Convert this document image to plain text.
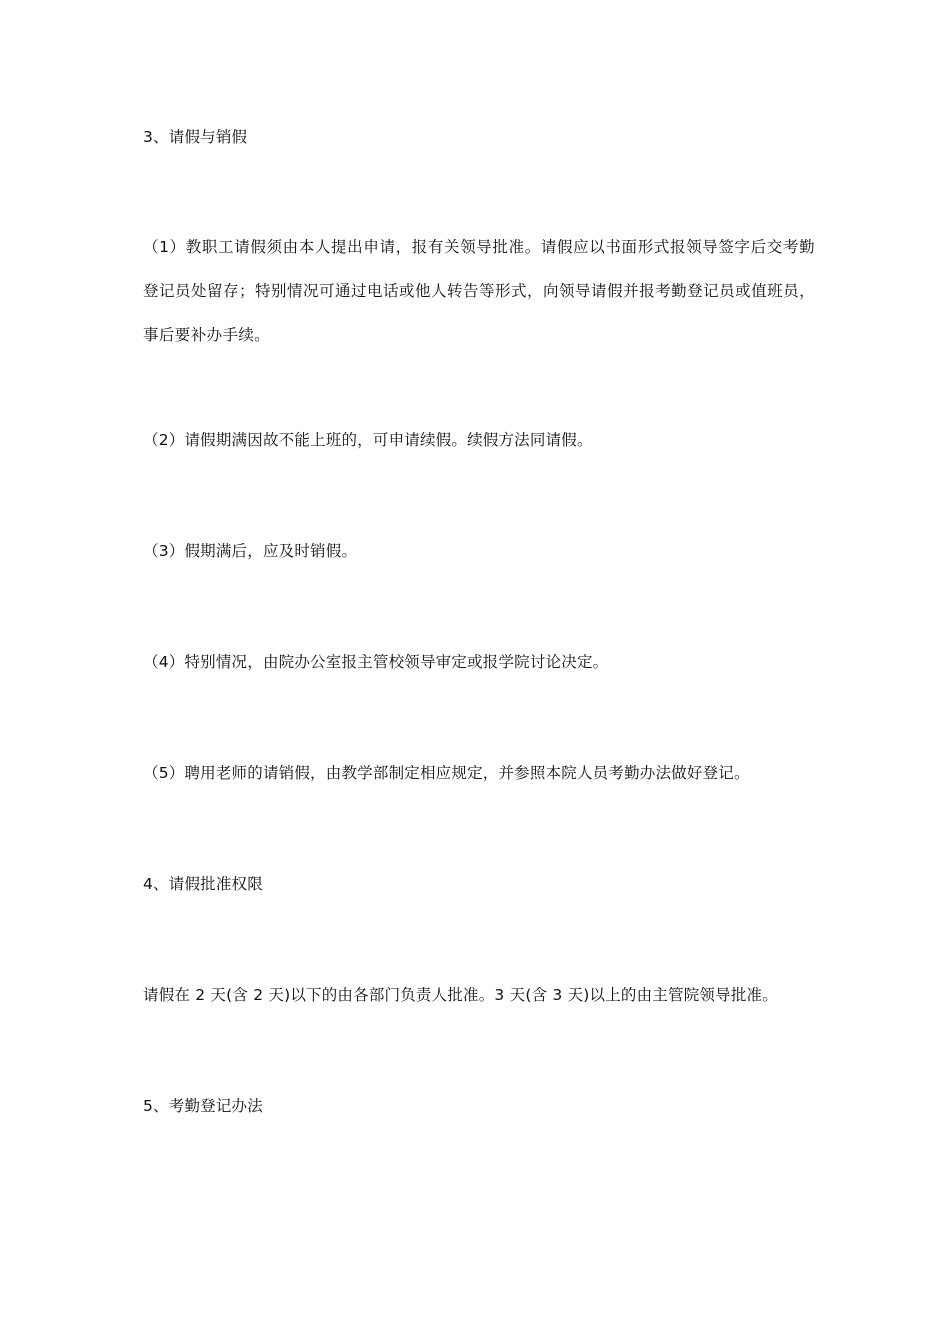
3、请假与销假
（1）教职工请假须由本人提出申请，报有关领导批准。请假应以书面形式报领导签字后交考勤登记员处留存；特别情况可通过电话或他人转告等形式，向领导请假并报考勤登记员或值班员，事后要补办手续。
（2）请假期满因故不能上班的，可申请续假。续假方法同请假。
（3）假期满后，应及时销假。
（4）特别情况，由院办公室报主管校领导审定或报学院讨论决定。
（5）聘用老师的请销假，由教学部制定相应规定，并参照本院人员考勤办法做好登记。
4、请假批准权限
请假在 2 天(含 2 天)以下的由各部门负责人批准。3 天(含 3 天)以上的由主管院领导批准。
5、考勤登记办法
